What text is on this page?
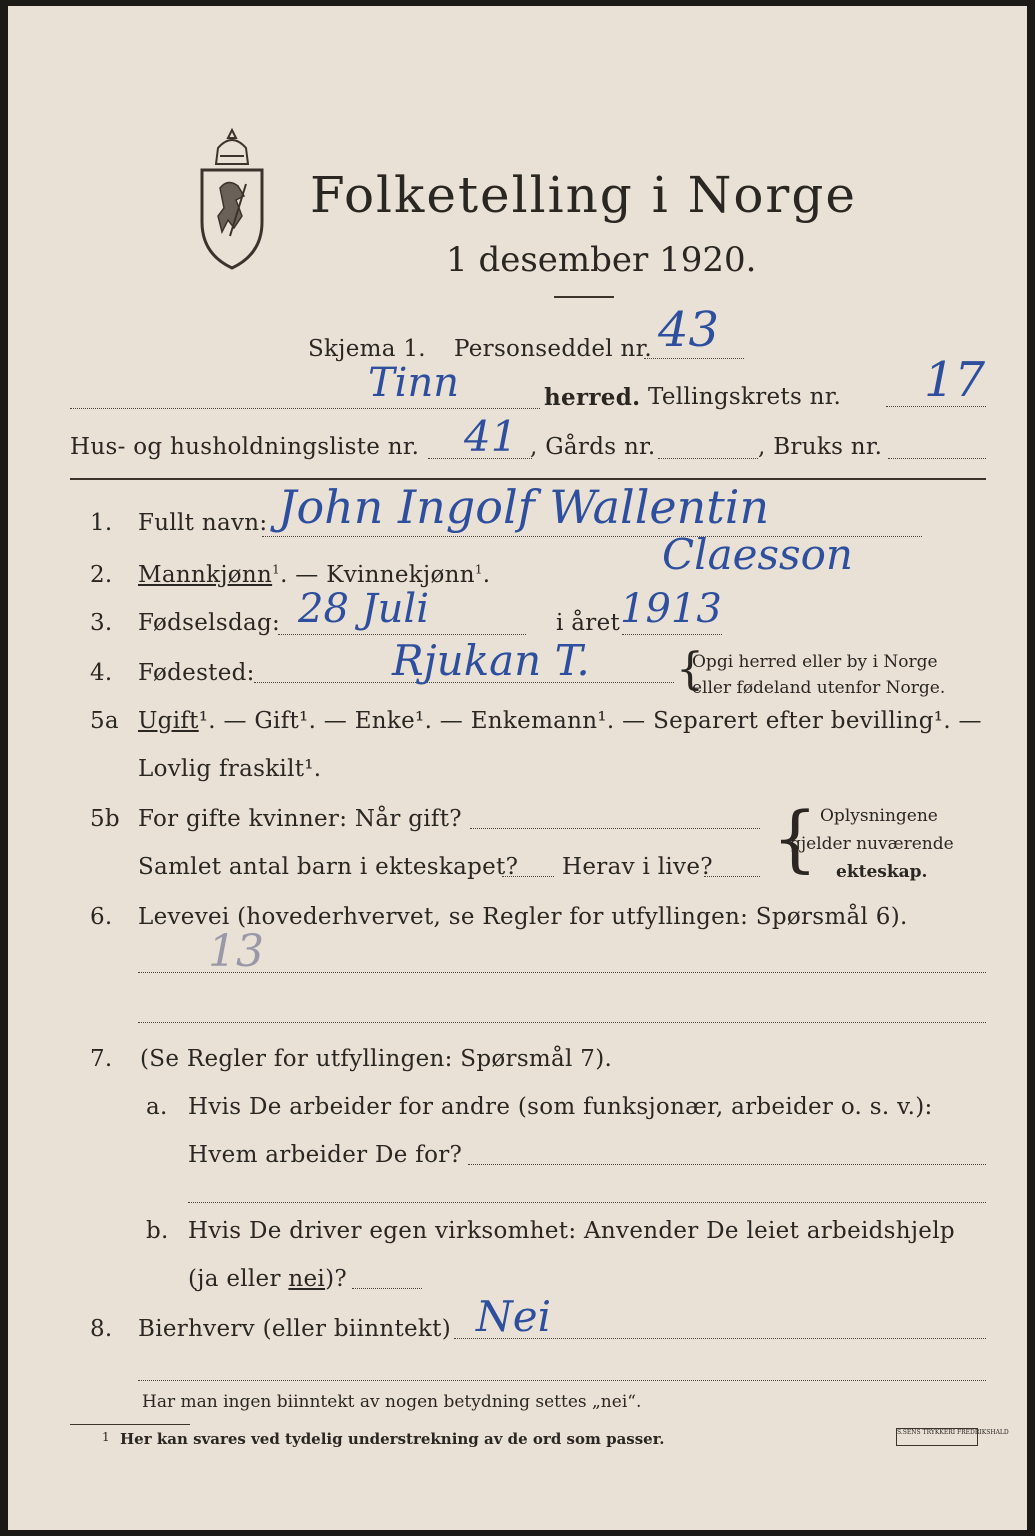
Folketelling i Norge
1 desember 1920.
Skjema 1. Personseddel nr. 43
Tinn	herred. Tellingskrets nr. 17
Hus- og husholdningsliste nr. 41 , Gårds nr.	, Bruks nr.
1. Fullt navn: John Ingolf Wallentin
Claesson
2. Mannkjønn$^1$. — Kvinnekjønn$^1$.
3. Fødselsdag: 28 Juli	i året 1913
4. Fødested:	Rjukan T. {
Opgi herred eller by i Norge
eller fødeland utenfor Norge.
5a Ugift¹. — Gift¹. — Enke¹. — Enkemann¹. — Separert efter bevilling¹. —
Lovlig fraskilt¹.
5b For gifte kvinner: Når gift?
Samlet antal barn i ekteskapet? Herav i live? { Oplysningene
gjelder nuværende
ekteskap.
6. Levevei (hovederhvervet, se Regler for utfyllingen: Spørsmål 6).
13
7. (Se Regler for utfyllingen: Spørsmål 7).
a. Hvis De arbeider for andre (som funksjonær, arbeider o. s. v.):
Hvem arbeider De for?
b. Hvis De driver egen virksomhet: Anvender De leiet arbeidshjelp
(ja eller nei)?
8. Bierhverv (eller biinntekt) Nei
Har man ingen biinntekt av nogen betydning settes „nei“.
1 Her kan svares ved tydelig understrekning av de ord som passer.	S.SENS TRYKKERI FREDRIKSHALD
